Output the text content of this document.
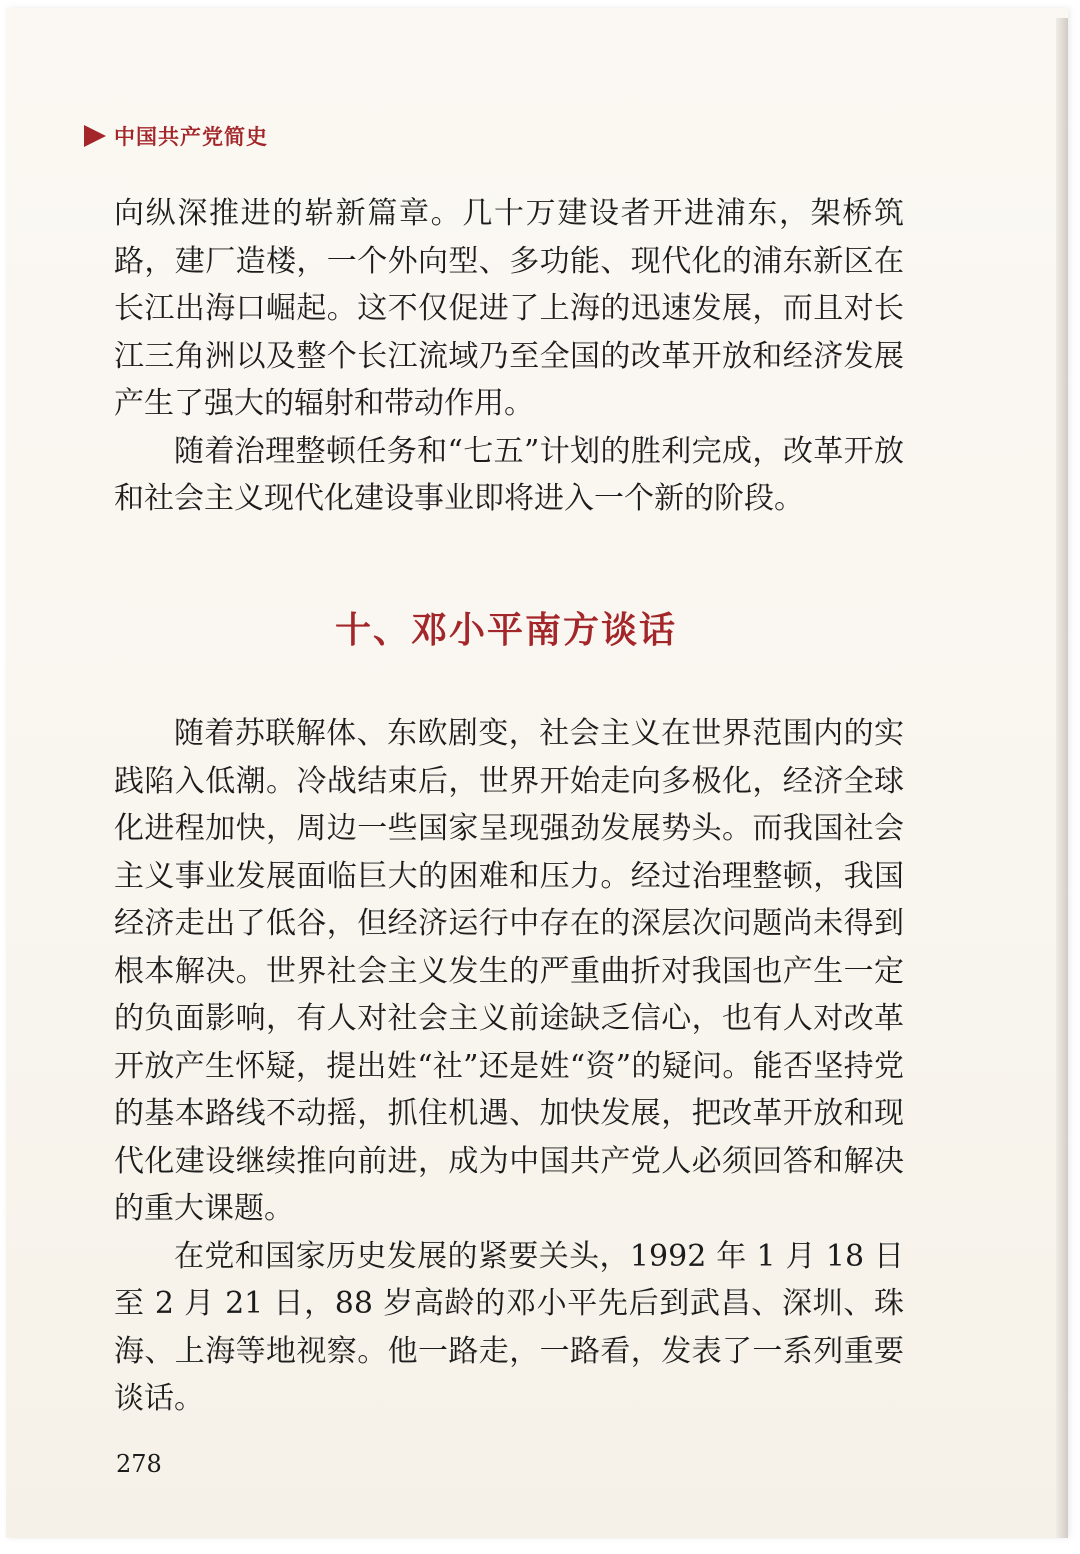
中国共产党简史

向纵深推进的崭新篇章。几十万建设者开进浦东，架桥筑路，建厂造楼，一个外向型、多功能、现代化的浦东新区在长江出海口崛起。这不仅促进了上海的迅速发展，而且对长江三角洲以及整个长江流域乃至全国的改革开放和经济发展产生了强大的辐射和带动作用。

随着治理整顿任务和“七五”计划的胜利完成，改革开放和社会主义现代化建设事业即将进入一个新的阶段。

十、邓小平南方谈话

随着苏联解体、东欧剧变，社会主义在世界范围内的实践陷入低潮。冷战结束后，世界开始走向多极化，经济全球化进程加快，周边一些国家呈现强劲发展势头。而我国社会主义事业发展面临巨大的困难和压力。经过治理整顿，我国经济走出了低谷，但经济运行中存在的深层次问题尚未得到根本解决。世界社会主义发生的严重曲折对我国也产生一定的负面影响，有人对社会主义前途缺乏信心，也有人对改革开放产生怀疑，提出姓“社”还是姓“资”的疑问。能否坚持党的基本路线不动摇，抓住机遇、加快发展，把改革开放和现代化建设继续推向前进，成为中国共产党人必须回答和解决的重大课题。

在党和国家历史发展的紧要关头，1992 年 1 月 18 日至 2 月 21 日，88 岁高龄的邓小平先后到武昌、深圳、珠海、上海等地视察。他一路走，一路看，发表了一系列重要谈话。

278
